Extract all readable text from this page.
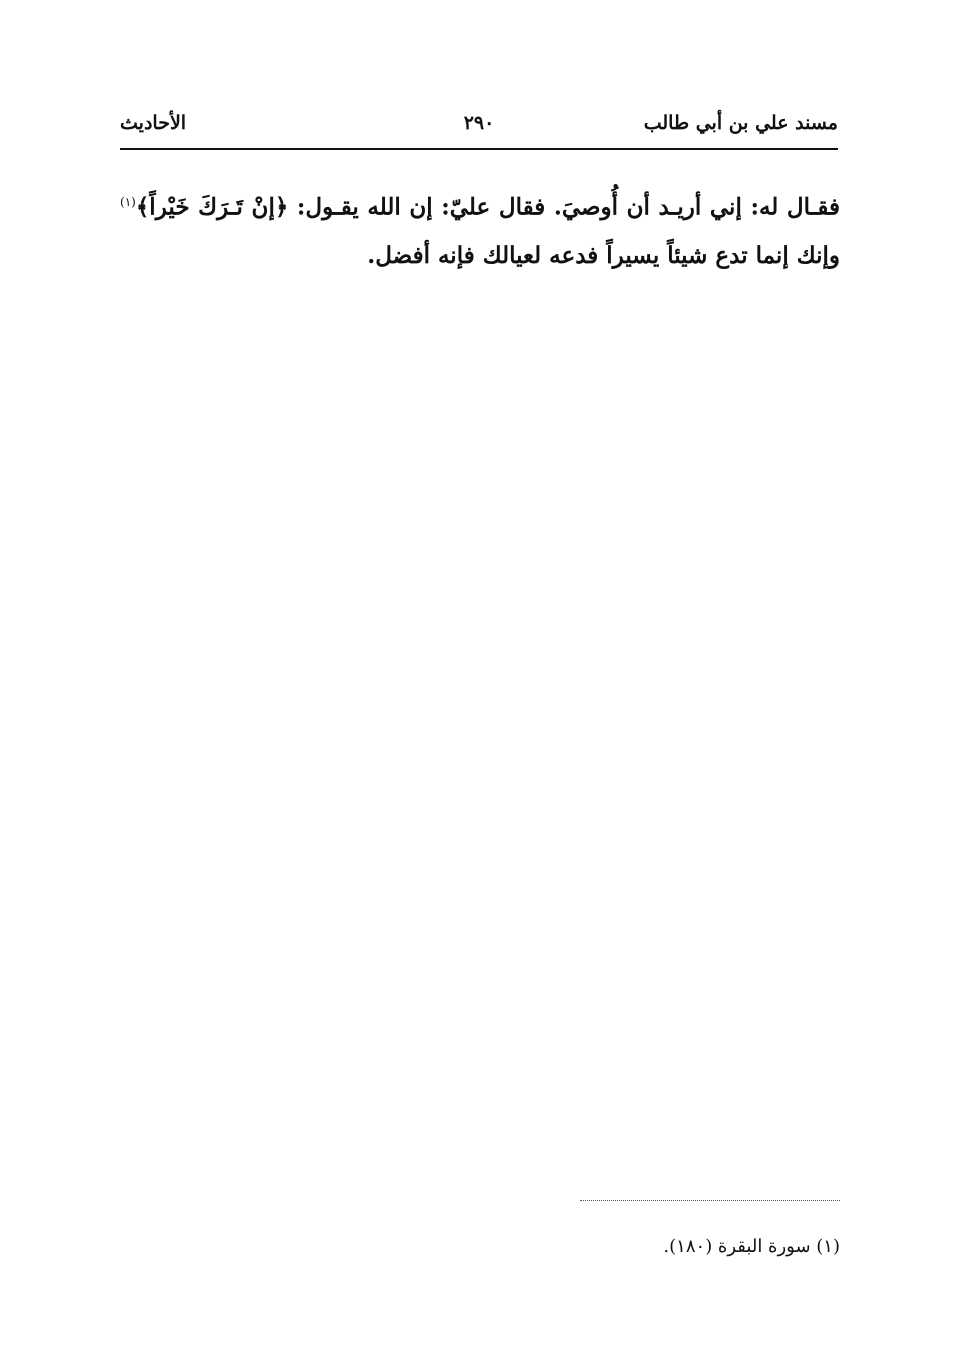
مسند علي بن أبي طالب
٢٩٠
الأحاديث
فقـال له: إني أريـد أن أُوصيَ. فقال عليّ: إن الله يقـول: ﴿إنْ تَـرَكَ خَيْراً﴾$^{(١)}$ وإنك إنما تدع شيئاً يسيراً فدعه لعيالك فإنه أفضل.
(١) سورة البقرة (١٨٠).
